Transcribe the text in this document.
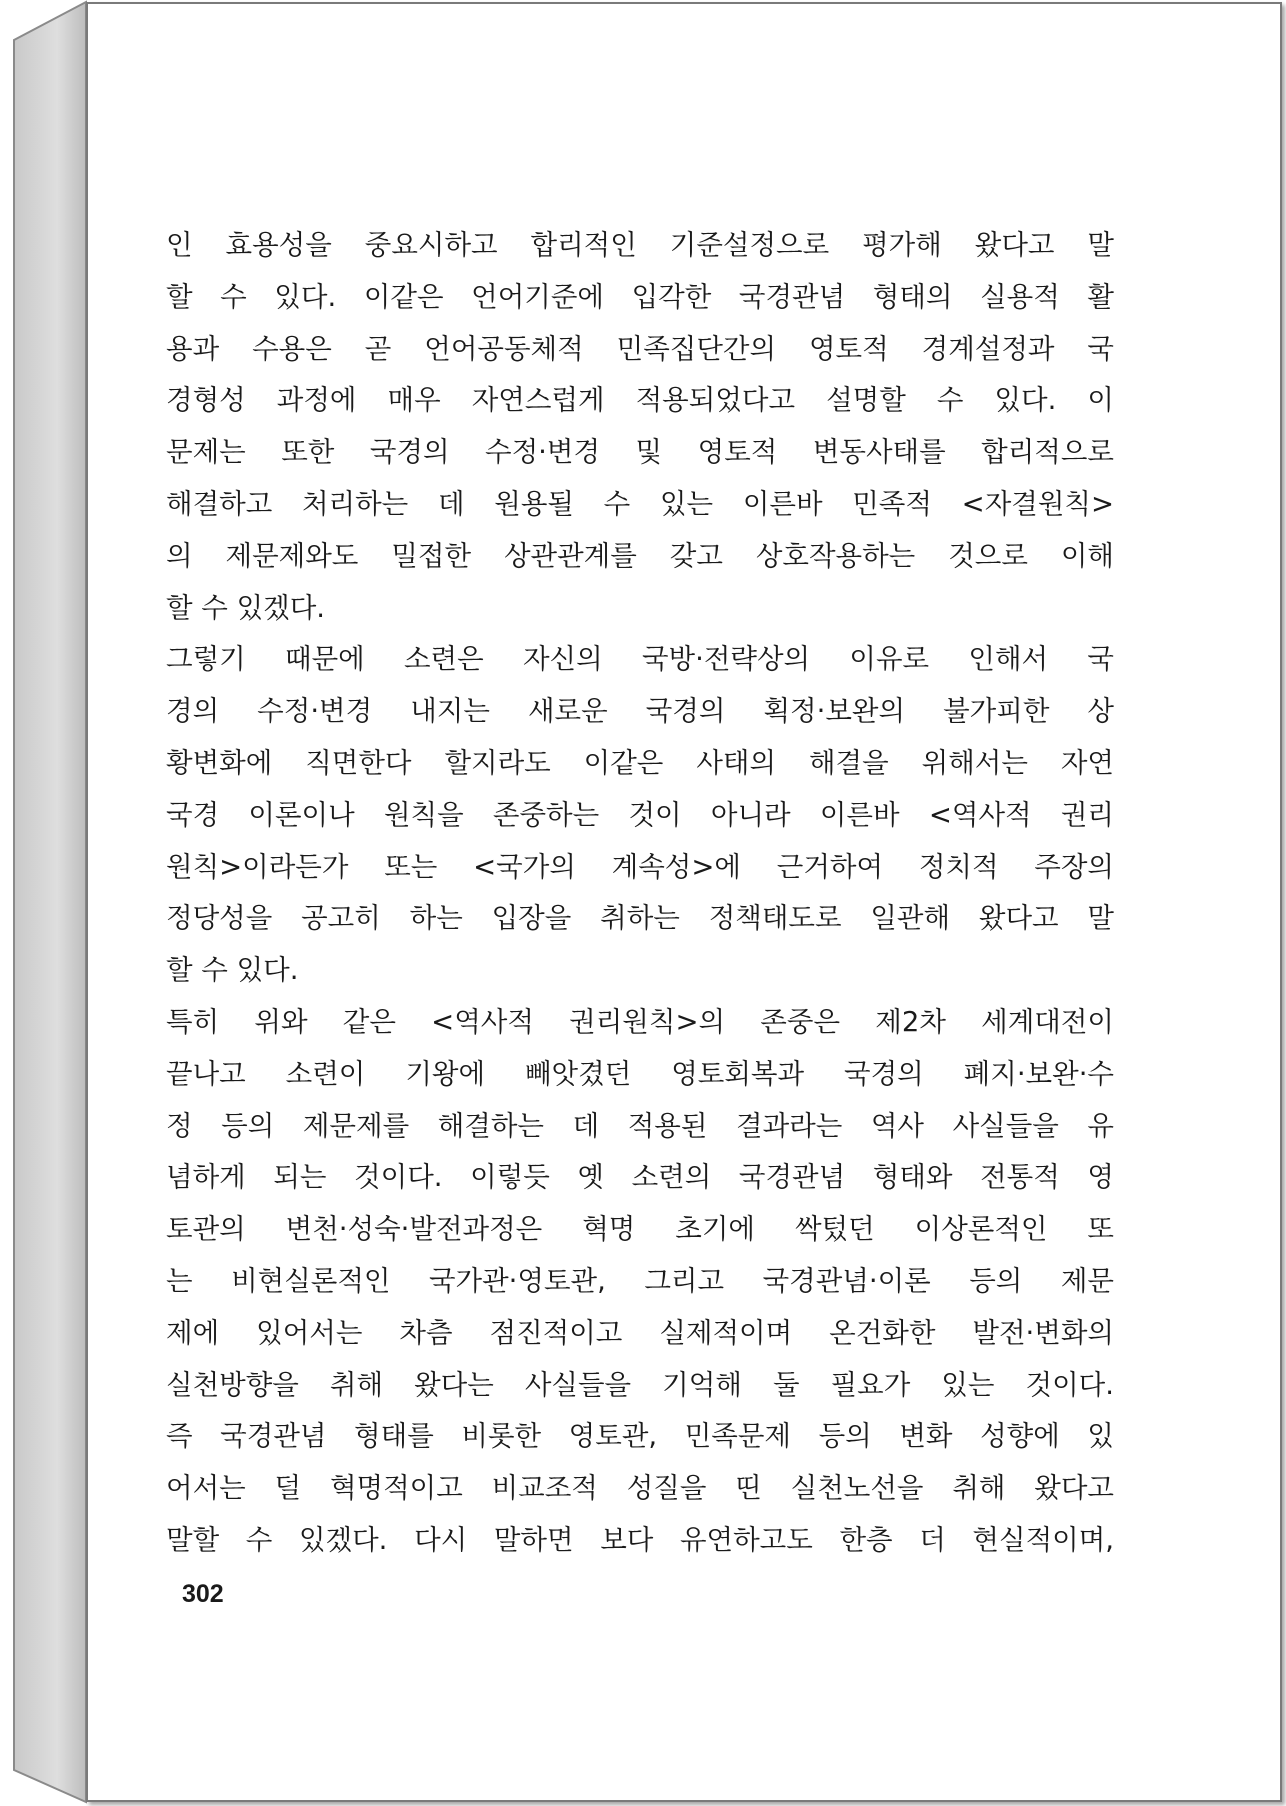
인 효용성을 중요시하고 합리적인 기준설정으로 평가해 왔다고 말
할 수 있다. 이같은 언어기준에 입각한 국경관념 형태의 실용적 활
용과 수용은 곧 언어공동체적 민족집단간의 영토적 경계설정과 국
경형성 과정에 매우 자연스럽게 적용되었다고 설명할 수 있다. 이
문제는 또한 국경의 수정·변경 및 영토적 변동사태를 합리적으로
해결하고 처리하는 데 원용될 수 있는 이른바 민족적 <자결원칙>
의 제문제와도 밀접한 상관관계를 갖고 상호작용하는 것으로 이해
할 수 있겠다.
그렇기 때문에 소련은 자신의 국방·전략상의 이유로 인해서 국
경의 수정·변경 내지는 새로운 국경의 획정·보완의 불가피한 상
황변화에 직면한다 할지라도 이같은 사태의 해결을 위해서는 자연
국경 이론이나 원칙을 존중하는 것이 아니라 이른바 <역사적 권리
원칙>이라든가 또는 <국가의 계속성>에 근거하여 정치적 주장의
정당성을 공고히 하는 입장을 취하는 정책태도로 일관해 왔다고 말
할 수 있다.
특히 위와 같은 <역사적 권리원칙>의 존중은 제2차 세계대전이
끝나고 소련이 기왕에 빼앗겼던 영토회복과 국경의 폐지·보완·수
정 등의 제문제를 해결하는 데 적용된 결과라는 역사 사실들을 유
념하게 되는 것이다. 이렇듯 옛 소련의 국경관념 형태와 전통적 영
토관의 변천·성숙·발전과정은 혁명 초기에 싹텄던 이상론적인 또
는 비현실론적인 국가관·영토관, 그리고 국경관념·이론 등의 제문
제에 있어서는 차츰 점진적이고 실제적이며 온건화한 발전·변화의
실천방향을 취해 왔다는 사실들을 기억해 둘 필요가 있는 것이다.
즉 국경관념 형태를 비롯한 영토관, 민족문제 등의 변화 성향에 있
어서는 덜 혁명적이고 비교조적 성질을 띤 실천노선을 취해 왔다고
말할 수 있겠다. 다시 말하면 보다 유연하고도 한층 더 현실적이며,
302
